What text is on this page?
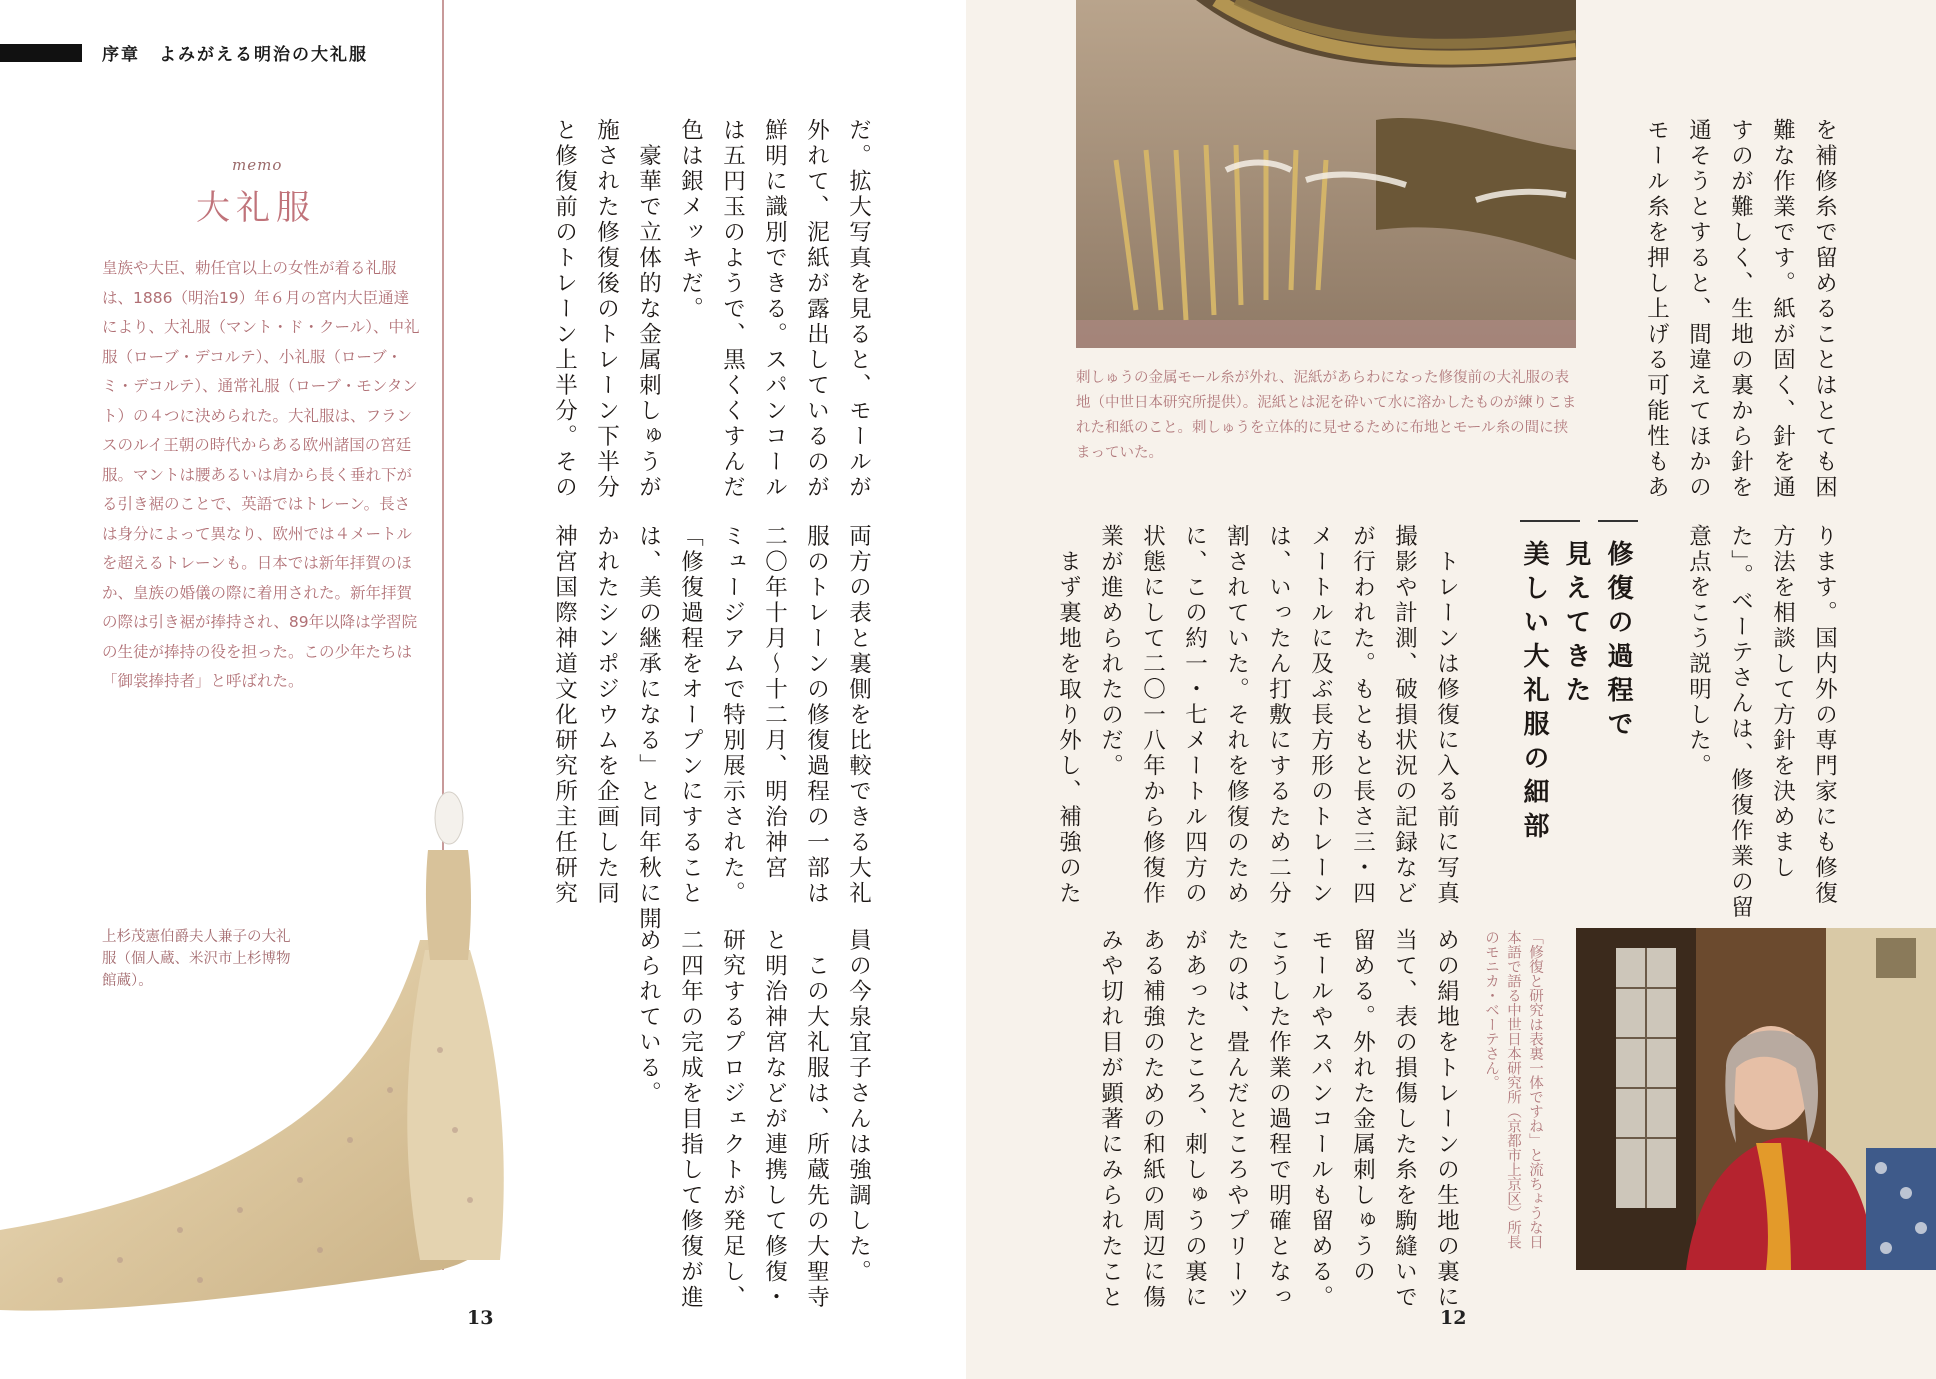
序章　よみがえる明治の大礼服
memo
大礼服

皇族や大臣、勅任官以上の女性が着る礼服は、1886（明治19）年６月の宮内大臣通達により、大礼服（マント・ド・クール）、中礼服（ローブ・デコルテ）、小礼服（ローブ・ミ・デコルテ）、通常礼服（ローブ・モンタント）の４つに決められた。大礼服は、フランスのルイ王朝の時代からある欧州諸国の宮廷服。マントは腰あるいは肩から長く垂れ下がる引き裾のことで、英語ではトレーン。長さは身分によって異なり、欧州では４メートルを超えるトレーンも。日本では新年拝賀のほか、皇族の婚儀の際に着用された。新年拝賀の際は引き裾が捧持され、89年以降は学習院の生徒が捧持の役を担った。この少年たちは「御裳捧持者」と呼ばれた。

上杉茂憲伯爵夫人兼子の大礼服（個人蔵、米沢市上杉博物館蔵）。
だ。拡大写真を見ると、モールが
外れて、泥紙が露出しているのが
鮮明に識別できる。スパンコール
は五円玉のようで、黒くくすんだ
色は銀メッキだ。
　豪華で立体的な金属刺しゅうが
施された修復後のトレーン下半分
と修復前のトレーン上半分。その
両方の表と裏側を比較できる大礼
服のトレーンの修復過程の一部は
二〇年十月〜十二月、明治神宮
ミュージアムで特別展示された。
「修復過程をオープンにすること
は、美の継承になる」と同年秋に開
かれたシンポジウムを企画した同
神宮国際神道文化研究所主任研究
員の今泉宜子さんは強調した。
　この大礼服は、所蔵先の大聖寺
と明治神宮などが連携して修復・
研究するプロジェクトが発足し、
二四年の完成を目指して修復が進
められている。
刺しゅうの金属モール糸が外れ、泥紙があらわになった修復前の大礼服の表地（中世日本研究所提供）。泥紙とは泥を砕いて水に溶かしたものが練りこまれた和紙のこと。刺しゅうを立体的に見せるために布地とモール糸の間に挟まっていた。	を補修糸で留めることはとても困
難な作業です。紙が固く、針を通
すのが難しく、生地の裏から針を
通そうとすると、間違えてほかの
モール糸を押し上げる可能性もあ
ります。国内外の専門家にも修復
方法を相談して方針を決めまし
た」。ベーテさんは、修復作業の留
意点をこう説明した。
修復の過程で
見えてきた
美しい大礼服の細部
　トレーンは修復に入る前に写真
撮影や計測、破損状況の記録など
が行われた。もともと長さ三・四
メートルに及ぶ長方形のトレーン
は、いったん打敷にするため二分
割されていた。それを修復のため
に、この約一・七メートル四方の
状態にして二〇一八年から修復作
業が進められたのだ。
　まず裏地を取り外し、補強のた
めの絹地をトレーンの生地の裏に
当て、表の損傷した糸を駒縫いで
留める。外れた金属刺しゅうの
モールやスパンコールも留める。
こうした作業の過程で明確となっ
たのは、畳んだところやプリーツ
があったところ、刺しゅうの裏に
ある補強のための和紙の周辺に傷
みや切れ目が顕著にみられたこと	「修復と研究は表裏一体ですね」と流ちょうな日本語で語る中世日本研究所（京都市上京区）所長のモニカ・ベーテさん。
13	12
